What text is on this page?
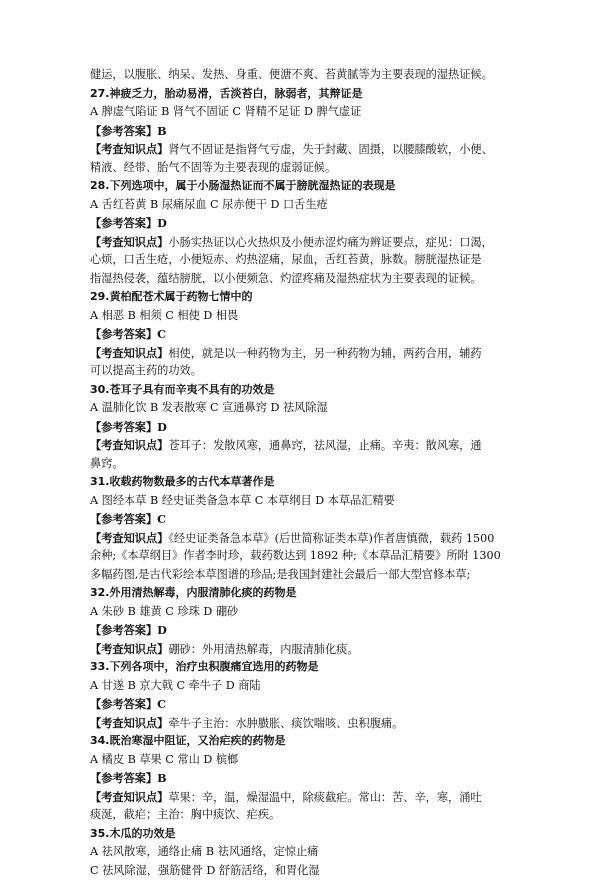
健运，以腹胀、纳呆、发热、身重、便溏不爽、苔黄腻等为主要表现的湿热证候。
27.神疲乏力，胎动易滑，舌淡苔白，脉弱者，其辩证是
A 脾虚气陷证 B 肾气不固证 C 肾精不足证 D 脾气虚证
【参考答案】B
【考查知识点】肾气不固证是指肾气亏虚，失于封藏、固摄，以腰膝酸软，小便、
精液、经带、胎气不固等为主要表现的虚弱证候。
28.下列选项中，属于小肠湿热证而不属于膀胱湿热证的表现是
A 舌红苔黄 B 尿痛尿血 C 尿赤便干 D 口舌生疮
【参考答案】D
【考查知识点】小肠实热证以心火热炽及小便赤涩灼痛为辨证要点，症见：口渴，
心烦，口舌生疮，小便短赤、灼热涩痛，尿血，舌红苔黄，脉数。膀胱湿热证是
指湿热侵袭，蕴结膀胱，以小便频急、灼涩疼痛及湿热症状为主要表现的证候。
29.黄柏配苍术属于药物七情中的
A 相恶 B 相须 C 相使 D 相畏
【参考答案】C
【考查知识点】相使，就是以一种药物为主，另一种药物为辅，两药合用，辅药
可以提高主药的功效。
30.苍耳子具有而辛夷不具有的功效是
A 温肺化饮 B 发表散寒 C 宣通鼻窍 D 祛风除湿
【参考答案】D
【考查知识点】苍耳子：发散风寒，通鼻窍，祛风湿，止痛。辛夷：散风寒，通
鼻窍。
31.收载药物数最多的古代本草著作是
A 图经本草 B 经史证类备急本草 C 本草纲目 D 本草品汇精要
【参考答案】C
【考查知识点】《经史证类备急本草》(后世简称证类本草)作者唐慎微，载药 1500
余种;《本草纲目》作者李时珍，载药数达到 1892 种;《本草品汇精要》所附 1300
多幅药图,是古代彩绘本草图谱的珍品;是我国封建社会最后一部大型官修本草;
32.外用清热解毒，内服清肺化痰的药物是
A 朱砂 B 雄黄 C 珍珠 D 硼砂
【参考答案】D
【考查知识点】硼砂：外用清热解毒，内服清肺化痰。
33.下列各项中，治疗虫积腹痛宜选用的药物是
A 甘遂 B 京大戟 C 牵牛子 D 商陆
【参考答案】C
【考查知识点】牵牛子主治：水肿臌胀、痰饮喘咳、虫积腹痛。
34.既治寒湿中阻证，又治疟疾的药物是
A 橘皮 B 草果 C 常山 D 槟榔
【参考答案】B
【考查知识点】草果：辛，温，燥湿温中，除痰截疟。常山：苦、辛，寒，涌吐
痰涎，截疟；主治：胸中痰饮、疟疾。
35.木瓜的功效是
A 祛风散寒，通络止痛 B 祛风通络，定惊止痛
C 祛风除湿，强筋健骨 D 舒筋活络，和胃化湿
